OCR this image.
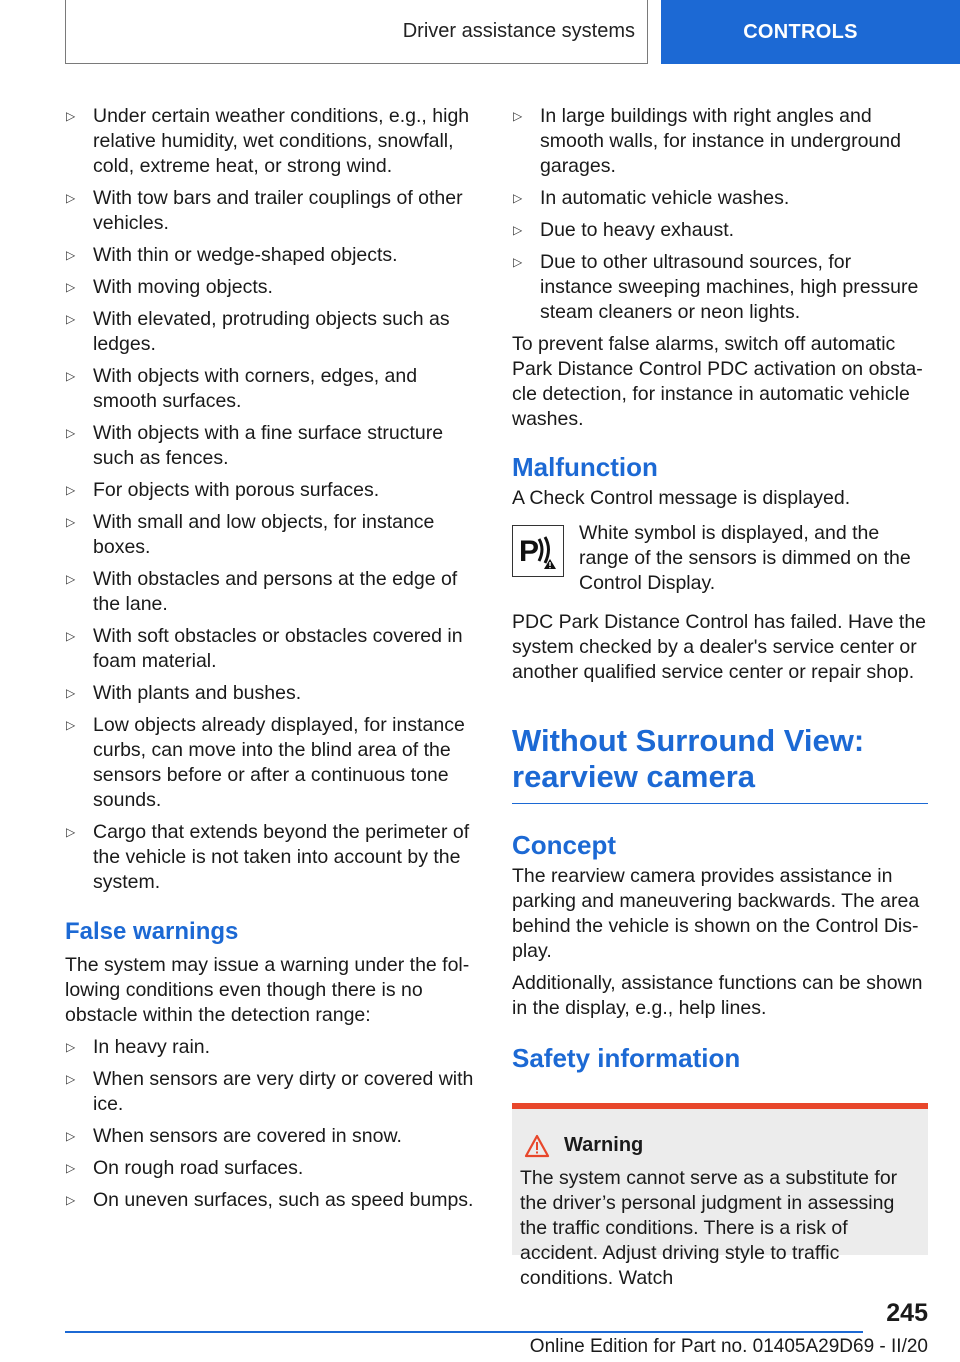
Driver assistance systems	CONTROLS
▷ Under certain weather conditions, e.g., high relative humidity, wet conditions, snowfall, cold, extreme heat, or strong wind.
▷ With tow bars and trailer couplings of other vehicles.
▷ With thin or wedge-shaped objects.
▷ With moving objects.
▷ With elevated, protruding objects such as ledges.
▷ With objects with corners, edges, and smooth surfaces.
▷ With objects with a fine surface structure such as fences.
▷ For objects with porous surfaces.
▷ With small and low objects, for instance boxes.
▷ With obstacles and persons at the edge of the lane.
▷ With soft obstacles or obstacles covered in foam material.
▷ With plants and bushes.
▷ Low objects already displayed, for instance curbs, can move into the blind area of the sensors before or after a continuous tone sounds.
▷ Cargo that extends beyond the perimeter of the vehicle is not taken into account by the system.
False warnings

The system may issue a warning under the following conditions even though there is no obstacle within the detection range:

▷ In heavy rain.
▷ When sensors are very dirty or covered with ice.
▷ When sensors are covered in snow.
▷ On rough road surfaces.
▷ On uneven surfaces, such as speed bumps.
▷ In large buildings with right angles and smooth walls, for instance in underground garages.
▷ In automatic vehicle washes.
▷ Due to heavy exhaust.
▷ Due to other ultrasound sources, for instance sweeping machines, high pressure steam cleaners or neon lights.

To prevent false alarms, switch off automatic Park Distance Control PDC activation on obstacle detection, for instance in automatic vehicle washes.

Malfunction

A Check Control message is displayed.

P
White symbol is displayed, and the range of the sensors is dimmed on the Control Display.

PDC Park Distance Control has failed. Have the system checked by a dealer's service center or another qualified service center or repair shop.

Without Surround View: rearview camera
Concept

The rearview camera provides assistance in parking and maneuvering backwards. The area behind the vehicle is shown on the Control Display.

Additionally, assistance functions can be shown in the display, e.g., help lines.

Safety information
Warning

The system cannot serve as a substitute for the driver’s personal judgment in assessing the traffic conditions. There is a risk of accident. Adjust driving style to traffic conditions. Watch

245
Online Edition for Part no. 01405A29D69 - II/20
